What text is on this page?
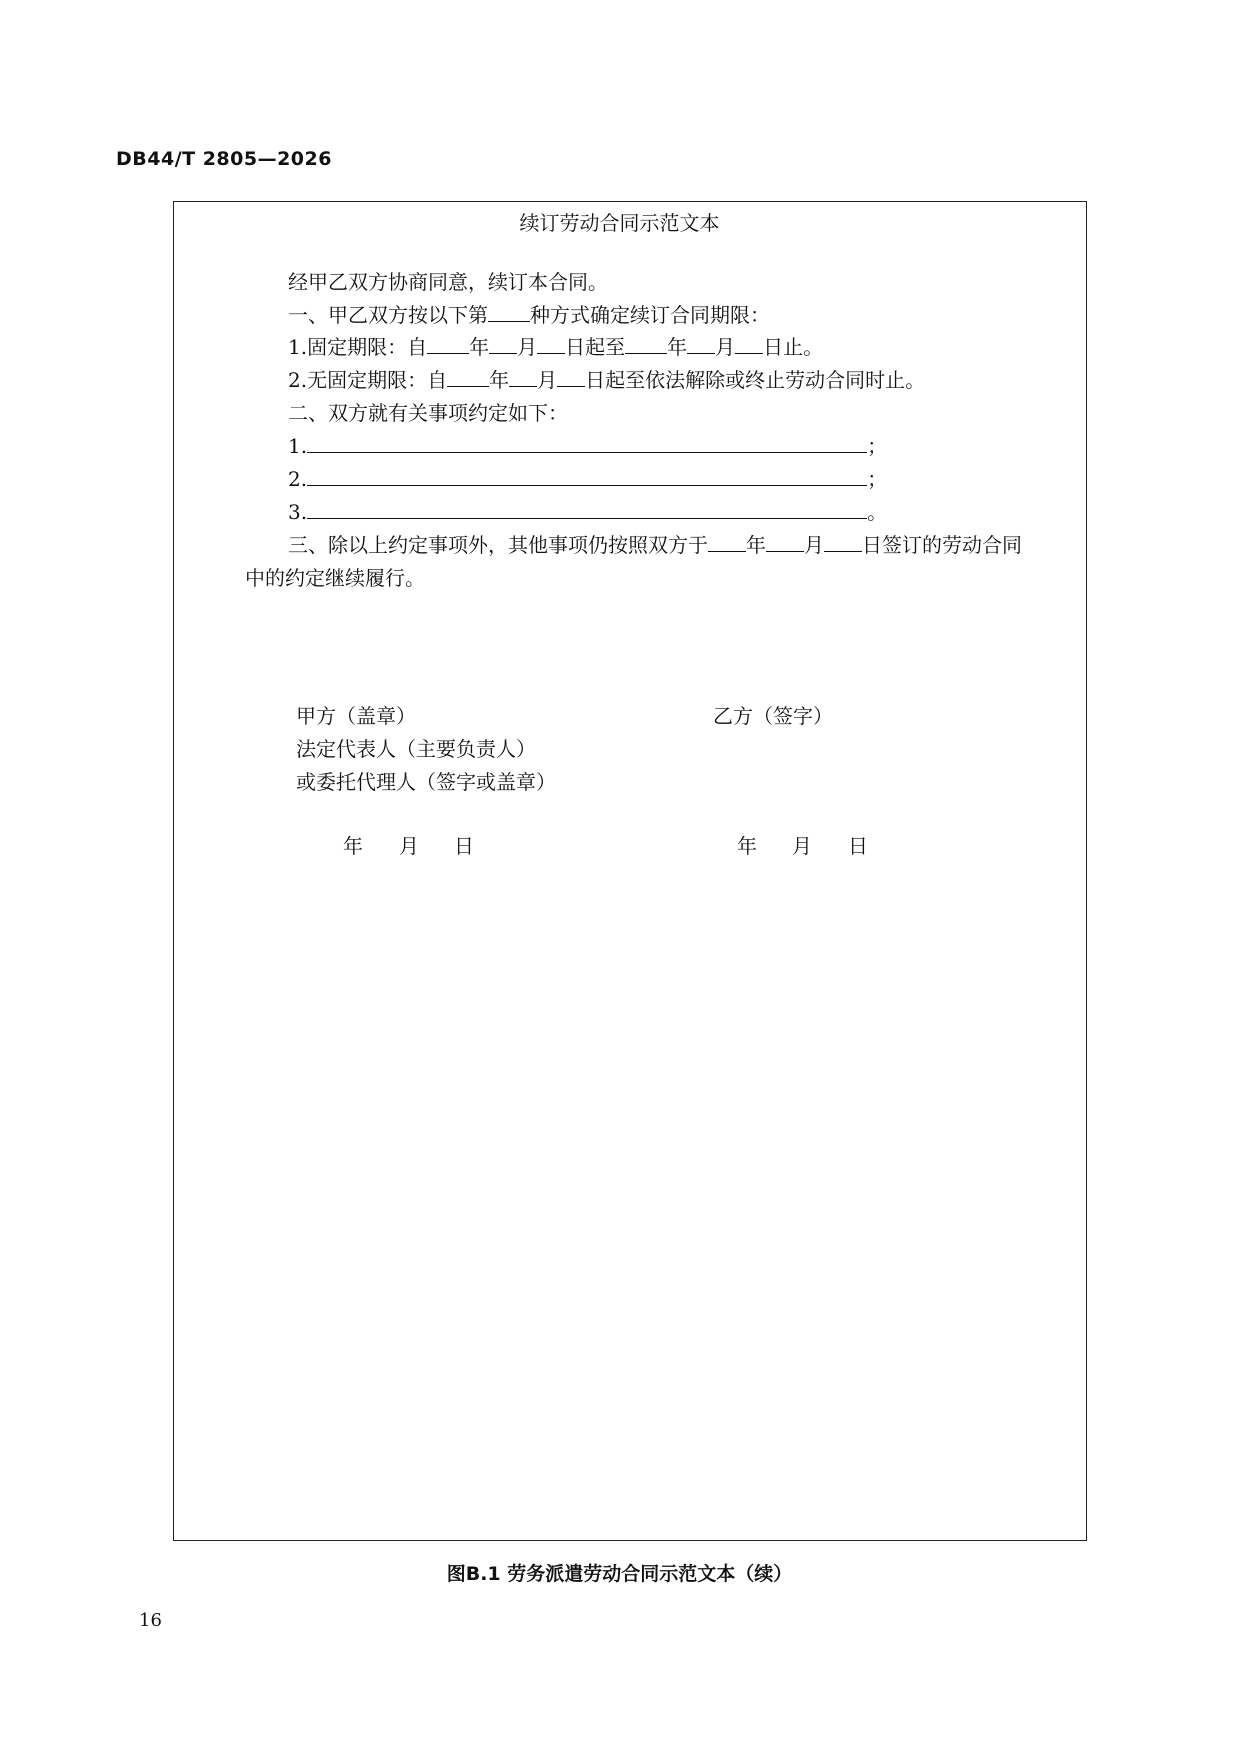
DB44/T 2805—2026
续订劳动合同示范文本
经甲乙双方协商同意，续订本合同。
一、甲乙双方按以下第 种方式确定续订合同期限：
1.固定期限：自 年 月 日起至 年 月 日止。
2.无固定期限：自 年 月 日起至依法解除或终止劳动合同时止。
二、双方就有关事项约定如下：
1.	；
2.	；
3.	。
三、除以上约定事项外，其他事项仍按照双方于 年 月 日签订的劳动合同
中的约定继续履行。
甲方（盖章）	乙方（签字）
法定代表人（主要负责人）
或委托代理人（签字或盖章）
年 月 日	年 月 日
图B.1 劳务派遣劳动合同示范文本（续）
16
